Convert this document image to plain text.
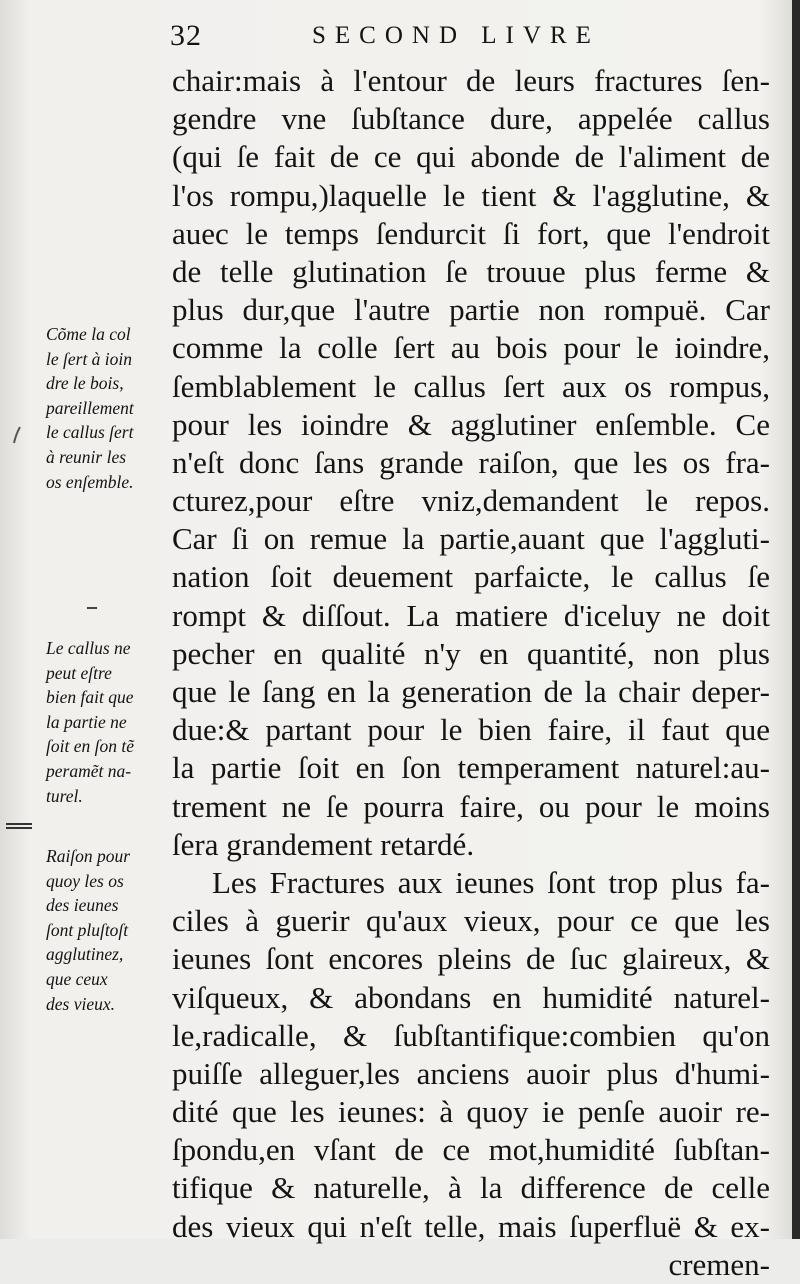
32	SECOND LIVRE
chair:mais à l'entour de leurs fractures ſen-
gendre vne ſubſtance dure, appelée callus
(qui ſe fait de ce qui abonde de l'aliment de
l'os rompu,)laquelle le tient & l'agglutine, &
auec le temps ſendurcit ſi fort, que l'endroit
de telle glutination ſe trouue plus ferme &
plus dur,que l'autre partie non rompuë. Car
comme la colle ſert au bois pour le ioindre,
ſemblablement le callus ſert aux os rompus,
pour les ioindre & agglutiner enſemble. Ce
n'eſt donc ſans grande raiſon, que les os fra-
cturez,pour eſtre vniz,demandent le repos.
Car ſi on remue la partie,auant que l'aggluti-
nation ſoit deuement parfaicte, le callus ſe
rompt & diſſout. La matiere d'iceluy ne doit
pecher en qualité n'y en quantité, non plus
que le ſang en la generation de la chair deper-
due:& partant pour le bien faire, il faut que
la partie ſoit en ſon temperament naturel:au-
trement ne ſe pourra faire, ou pour le moins
ſera grandement retardé.
Les Fractures aux ieunes ſont trop plus fa-
ciles à guerir qu'aux vieux, pour ce que les
ieunes ſont encores pleins de ſuc glaireux, &
viſqueux, & abondans en humidité naturel-
le,radicalle, & ſubſtantifique:combien qu'on
puiſſe alleguer,les anciens auoir plus d'humi-
dité que les ieunes: à quoy ie penſe auoir re-
ſpondu,en vſant de ce mot,humidité ſubſtan-
tifique & naturelle, à la difference de celle
des vieux qui n'eſt telle, mais ſuperfluë & ex-
cremen-
Cõme la col
le ſert à ioin
dre le bois,
pareillement
le callus ſert
à reunir les
os enſemble.
Le callus ne
peut eſtre
bien fait que
la partie ne
ſoit en ſon tẽ
peramẽt na-
turel.
Raiſon pour
quoy les os
des ieunes
ſont pluſtoſt
agglutinez,
que ceux
des vieux.
